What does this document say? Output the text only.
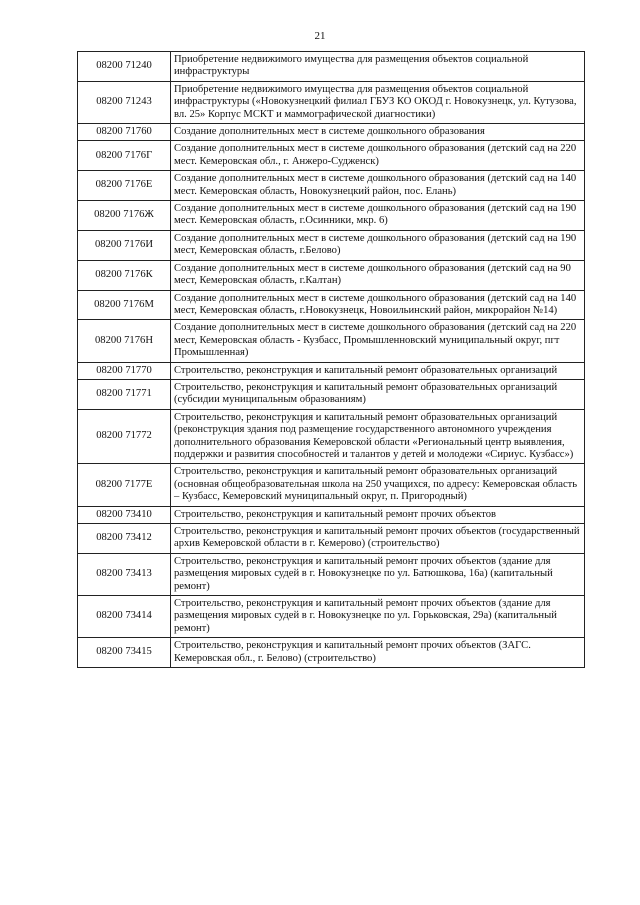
21
08200 71240	Приобретение недвижимого имущества для размещения объектов социальной инфраструктуры
08200 71243	Приобретение недвижимого имущества для размещения объектов социальной инфраструктуры («Новокузнецкий филиал ГБУЗ КО ОКОД г. Новокузнецк, ул. Кутузова, вл. 25» Корпус МСКТ и маммографической диагностики)
08200 71760	Создание дополнительных мест в системе дошкольного образования
08200 7176Г	Создание дополнительных мест в системе дошкольного образования (детский сад на 220 мест. Кемеровская обл., г. Анжеро-Судженск)
08200 7176Е	Создание дополнительных мест в системе дошкольного образования (детский сад на 140 мест. Кемеровская область, Новокузнецкий район, пос. Елань)
08200 7176Ж	Создание дополнительных мест в системе дошкольного образования (детский сад на 190 мест. Кемеровская область, г.Осинники, мкр. 6)
08200 7176И	Создание дополнительных мест в системе дошкольного образования (детский сад на 190 мест, Кемеровская область, г.Белово)
08200 7176К	Создание дополнительных мест в системе дошкольного образования (детский сад на 90 мест, Кемеровская область, г.Калтан)
08200 7176М	Создание дополнительных мест в системе дошкольного образования (детский сад на 140 мест, Кемеровская область, г.Новокузнецк, Новоильинский район, микрорайон №14)
08200 7176Н	Создание дополнительных мест в системе дошкольного образования (детский сад на 220 мест, Кемеровская область - Кузбасс, Промышленновский муниципальный округ, пгт Промышленная)
08200 71770	Строительство, реконструкция и капитальный ремонт образовательных организаций
08200 71771	Строительство, реконструкция и капитальный ремонт образовательных организаций (субсидии муниципальным образованиям)
08200 71772	Строительство, реконструкция и капитальный ремонт образовательных организаций (реконструкция здания под размещение государственного автономного учреждения дополнительного образования Кемеровской области «Региональный центр выявления, поддержки и развития способностей и талантов у детей и молодежи «Сириус. Кузбасс»)
08200 7177Е	Строительство, реконструкция и капитальный ремонт образовательных организаций (основная общеобразовательная школа на 250 учащихся, по адресу: Кемеровская область – Кузбасс, Кемеровский муниципальный округ, п. Пригородный)
08200 73410	Строительство, реконструкция и капитальный ремонт прочих объектов
08200 73412	Строительство, реконструкция и капитальный ремонт прочих объектов (государственный архив Кемеровской области в г. Кемерово) (строительство)
08200 73413	Строительство, реконструкция и капитальный ремонт прочих объектов (здание для размещения мировых судей в г. Новокузнецке по ул. Батюшкова, 16а) (капитальный ремонт)
08200 73414	Строительство, реконструкция и капитальный ремонт прочих объектов (здание для размещения мировых судей в г. Новокузнецке по ул. Горьковская, 29а) (капитальный ремонт)
08200 73415	Строительство, реконструкция и капитальный ремонт прочих объектов (ЗАГС. Кемеровская обл., г. Белово) (строительство)
